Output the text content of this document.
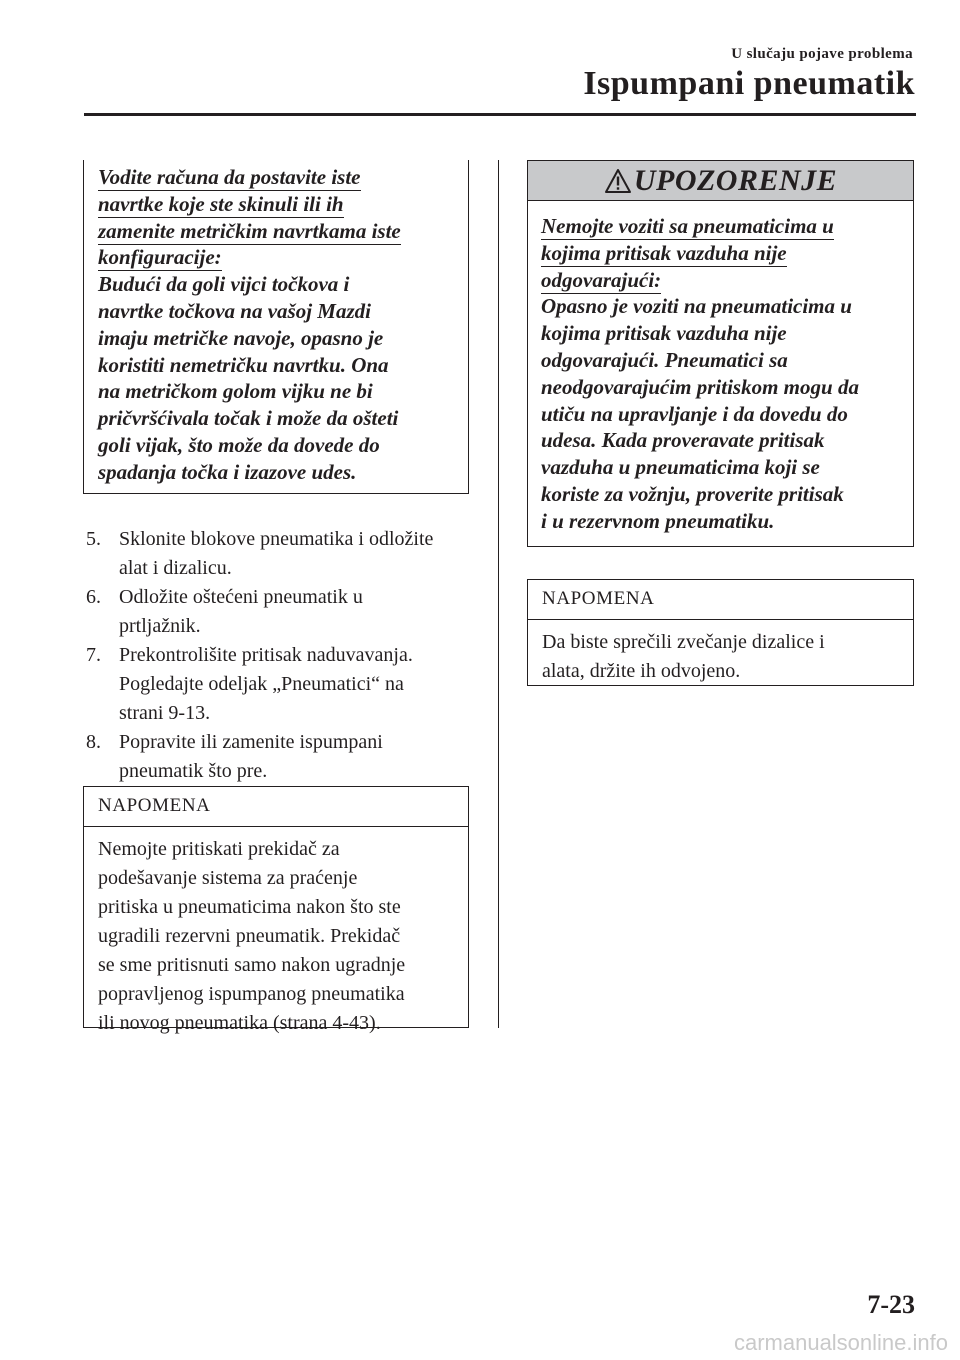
U slučaju pojave problema
Ispumpani pneumatik
Vodite računa da postavite iste
navrtke koje ste skinuli ili ih
zamenite metričkim navrtkama iste
konfiguracije:
Budući da goli vijci točkova i
navrtke točkova na vašoj Mazdi
imaju metričke navoje, opasno je
koristiti nemetričku navrtku. Ona
na metričkom golom vijku ne bi
pričvršćivala točak i može da ošteti
goli vijak, što može da dovede do
spadanja točka i izazove udes.
5. Sklonite blokove pneumatika i odložite
alat i dizalicu.
6. Odložite oštećeni pneumatik u
prtljažnik.
7. Prekontrolišite pritisak naduvavanja.
Pogledajte odeljak „Pneumatici“ na
strani 9-13.
8. Popravite ili zamenite ispumpani
pneumatik što pre.
NAPOMENA
Nemojte pritiskati prekidač za
podešavanje sistema za praćenje
pritiska u pneumaticima nakon što ste
ugradili rezervni pneumatik. Prekidač
se sme pritisnuti samo nakon ugradnje
popravljenog ispumpanog pneumatika
ili novog pneumatika (strana 4-43).
UPOZORENJE
Nemojte voziti sa pneumaticima u
kojima pritisak vazduha nije
odgovarajući:
Opasno je voziti na pneumaticima u
kojima pritisak vazduha nije
odgovarajući. Pneumatici sa
neodgovarajućim pritiskom mogu da
utiču na upravljanje i da dovedu do
udesa. Kada proveravate pritisak
vazduha u pneumaticima koji se
koriste za vožnju, proverite pritisak
i u rezervnom pneumatiku.
NAPOMENA
Da biste sprečili zvečanje dizalice i
alata, držite ih odvojeno.
7-23
carmanualsonline.info
